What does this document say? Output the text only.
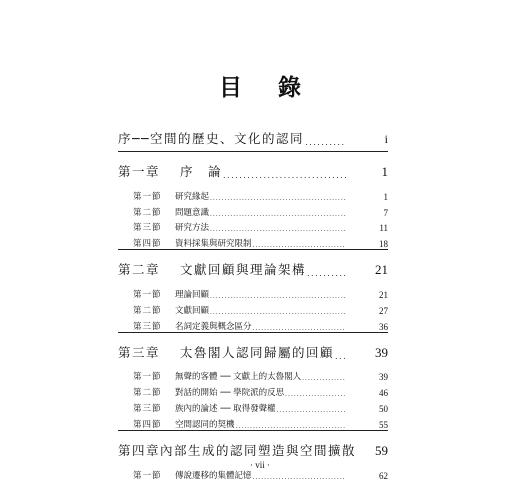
目 錄
序──空間的歷史、文化的認同 .....	i
第一章	序　論 .....	1
第一節	研究緣起 .....	1
第二節	問題意識 .....	7
第三節	研究方法 .....	11
第四節	資料採集與研究限制 .....	18
第二章	文獻回顧與理論架構 .....	21
第一節	理論回顧 .....	21
第二節	文獻回顧 .....	27
第三節	名詞定義與概念區分 .....	36
第三章	太魯閣人認同歸屬的回顧 .....	39
第一節	無聲的客體 ── 文獻上的太魯閣人 .....	39
第二節	對話的開始 ── 學院派的反思 .....	46
第三節	族內的論述 ── 取得發聲權 .....	50
第四節	空間認同的契機 .....	55
第四章 內部生成的認同塑造與空間擴散	59
第一節	傳說遷移的集體記憶 .....	62
· vii ·
